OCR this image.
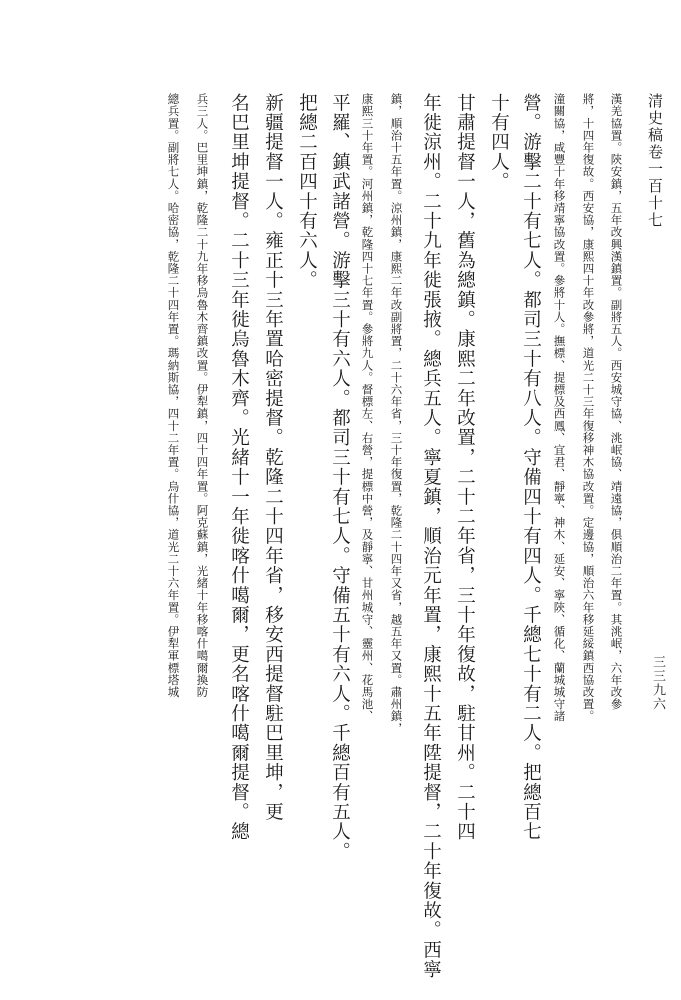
清史稿卷一百十七
三三九六
漢羌協置。陝安鎮，五年改興漢鎮置。副將五人。西安城守協、洮岷協、靖遠協，俱順治二年置。其洮岷，六年改參
將，十四年復故。西安協，康熙四十年改參將，道光二十三年復移神木協改置。定邊協，順治六年移延綏鎮西協改置。
潼關協，咸豐十年移靖寧協改置。參將十人。撫標、提標及西鳳、宜君、靜寧、神木、延安、寧陝、循化、蘭城城守諸
營。游擊二十有七人。都司三十有八人。守備四十有四人。千總七十有二人。把總百七
十有四人。
甘肅提督一人，舊為總鎮。康熙二年改置，二十二年省，三十年復故，駐甘州。二十四
年徙涼州。二十九年徙張掖。總兵五人。寧夏鎮，順治元年置，康熙十五年陞提督，二十年復故。西寧
鎮，順治十五年置。涼州鎮，康熙二年改副將置，二十六年省，三十年復置，乾隆二十四年又省，越五年又置。肅州鎮，
康熙三十年置。河州鎮，乾隆四十七年置。參將九人。督標左、右營，提標中營，及靜寧、甘州城守、靈州、花馬池、
平羅、鎮武諸營。游擊三十有六人。都司三十有七人。守備五十有六人。千總百有五人。
把總二百四十有六人。
新疆提督一人。雍正十三年置哈密提督。乾隆二十四年省，移安西提督駐巴里坤，更
名巴里坤提督。二十三年徙烏魯木齊。光緒十一年徙喀什噶爾，更名喀什噶爾提督。總
兵三人。巴里坤鎮，乾隆二十九年移烏魯木齊鎮改置。伊犁鎮，四十四年置。阿克蘇鎮，光緒十年移喀什噶爾換防
總兵置。副將七人。哈密協，乾隆二十四年置。瑪納斯協，四十二年置。烏什協，道光二十六年置。伊犁軍標塔城
